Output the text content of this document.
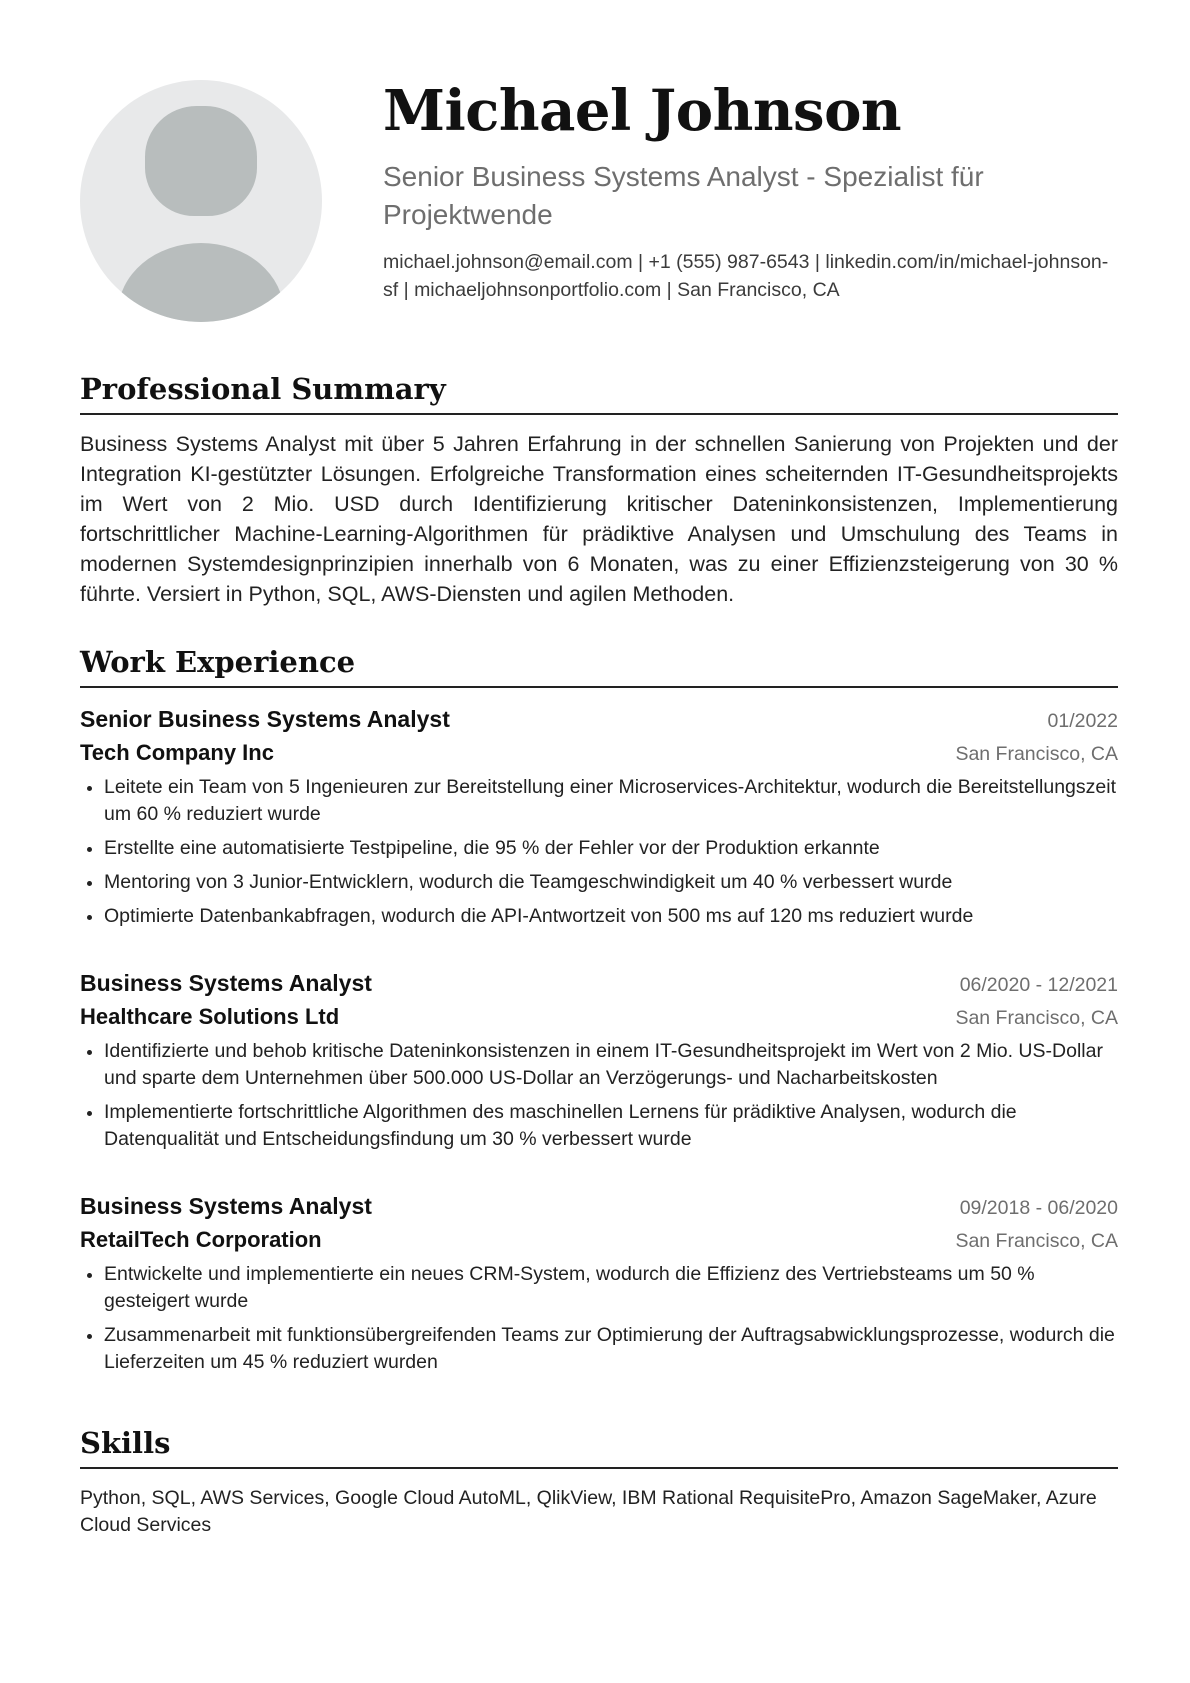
Michael Johnson
Senior Business Systems Analyst - Spezialist für Projektwende
michael.johnson@email.com | +1 (555) 987-6543 | linkedin.com/in/michael-johnson-sf | michaeljohnsonportfolio.com | San Francisco, CA
Professional Summary
Business Systems Analyst mit über 5 Jahren Erfahrung in der schnellen Sanierung von Projekten und der Integration KI-gestützter Lösungen. Erfolgreiche Transformation eines scheiternden IT-Gesundheitsprojekts im Wert von 2 Mio. USD durch Identifizierung kritischer Dateninkonsistenzen, Implementierung fortschrittlicher Machine-Learning-Algorithmen für prädiktive Analysen und Umschulung des Teams in modernen Systemdesignprinzipien innerhalb von 6 Monaten, was zu einer Effizienzsteigerung von 30 % führte. Versiert in Python, SQL, AWS-Diensten und agilen Methoden.
Work Experience
Senior Business Systems Analyst	01/2022
Tech Company Inc	San Francisco, CA
Leitete ein Team von 5 Ingenieuren zur Bereitstellung einer Microservices-Architektur, wodurch die Bereitstellungszeit um 60 % reduziert wurde
Erstellte eine automatisierte Testpipeline, die 95 % der Fehler vor der Produktion erkannte
Mentoring von 3 Junior-Entwicklern, wodurch die Teamgeschwindigkeit um 40 % verbessert wurde
Optimierte Datenbankabfragen, wodurch die API-Antwortzeit von 500 ms auf 120 ms reduziert wurde
Business Systems Analyst	06/2020 - 12/2021
Healthcare Solutions Ltd	San Francisco, CA
Identifizierte und behob kritische Dateninkonsistenzen in einem IT-Gesundheitsprojekt im Wert von 2 Mio. US-Dollar und sparte dem Unternehmen über 500.000 US-Dollar an Verzögerungs- und Nacharbeitskosten
Implementierte fortschrittliche Algorithmen des maschinellen Lernens für prädiktive Analysen, wodurch die Datenqualität und Entscheidungsfindung um 30 % verbessert wurde
Business Systems Analyst	09/2018 - 06/2020
RetailTech Corporation	San Francisco, CA
Entwickelte und implementierte ein neues CRM-System, wodurch die Effizienz des Vertriebsteams um 50 % gesteigert wurde
Zusammenarbeit mit funktionsübergreifenden Teams zur Optimierung der Auftragsabwicklungsprozesse, wodurch die Lieferzeiten um 45 % reduziert wurden
Skills
Python, SQL, AWS Services, Google Cloud AutoML, QlikView, IBM Rational RequisitePro, Amazon SageMaker, Azure Cloud Services
